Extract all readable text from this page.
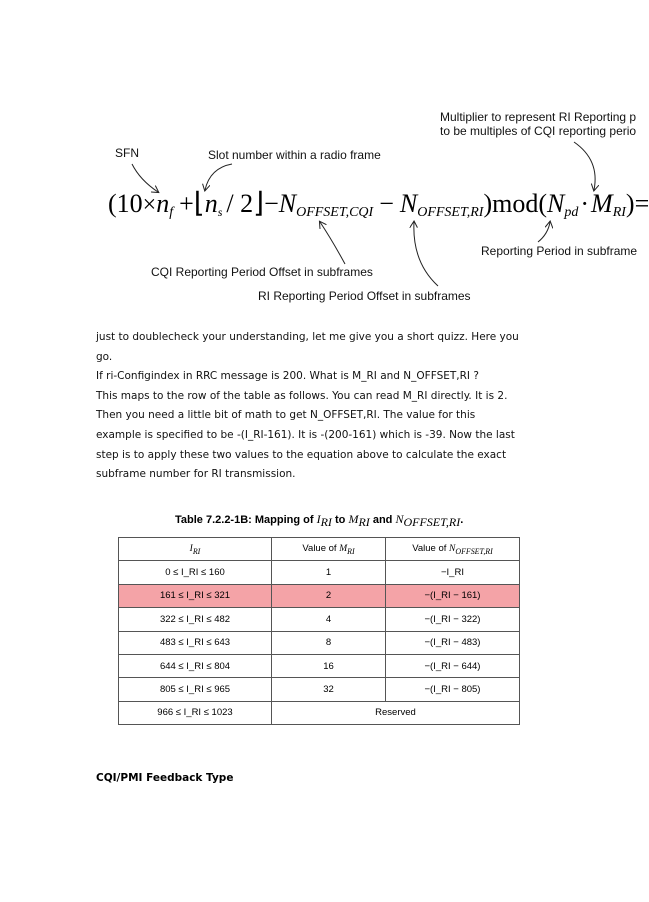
Multiplier to represent RI Reporting p
to be multiples of CQI reporting perio
SFN	Slot number within a radio frame
Reporting Period in subframe
CQI Reporting Period Offset in subframes
RI Reporting Period Offset in subframes
($10\times n_f$ $+⌊n_s$ / $2⌋-N_{OFFSET,CQI} - N_{OFFSET,RI})mod(N_{pd}\cdot M_{RI})=$
just to doublecheck your understanding, let me give you a short quizz. Here you
go.
If ri-Configindex in RRC message is 200. What is M_RI and N_OFFSET,RI ?
This maps to the row of the table as follows. You can read M_RI directly. It is 2.
Then you need a little bit of math to get N_OFFSET,RI. The value for this
example is specified to be -(I_RI-161). It is -(200-161) which is -39. Now the last
step is to apply these two values to the equation above to calculate the exact
subframe number for RI transmission.
Table 7.2.2-1B: Mapping of $I_{RI}$ to $M_{RI}$ and $N_{OFFSET,RI}$.
$I_{RI}$	Value of $M_{RI}$	Value of $N_{OFFSET,RI}$
0 ≤ I_RI ≤ 160	1	−I_RI
161 ≤ I_RI ≤ 321	2	−(I_RI − 161)
322 ≤ I_RI ≤ 482	4	−(I_RI − 322)
483 ≤ I_RI ≤ 643	8	−(I_RI − 483)
644 ≤ I_RI ≤ 804	16	−(I_RI − 644)
805 ≤ I_RI ≤ 965	32	−(I_RI − 805)
966 ≤ I_RI ≤ 1023	Reserved	
CQI/PMI Feedback Type
